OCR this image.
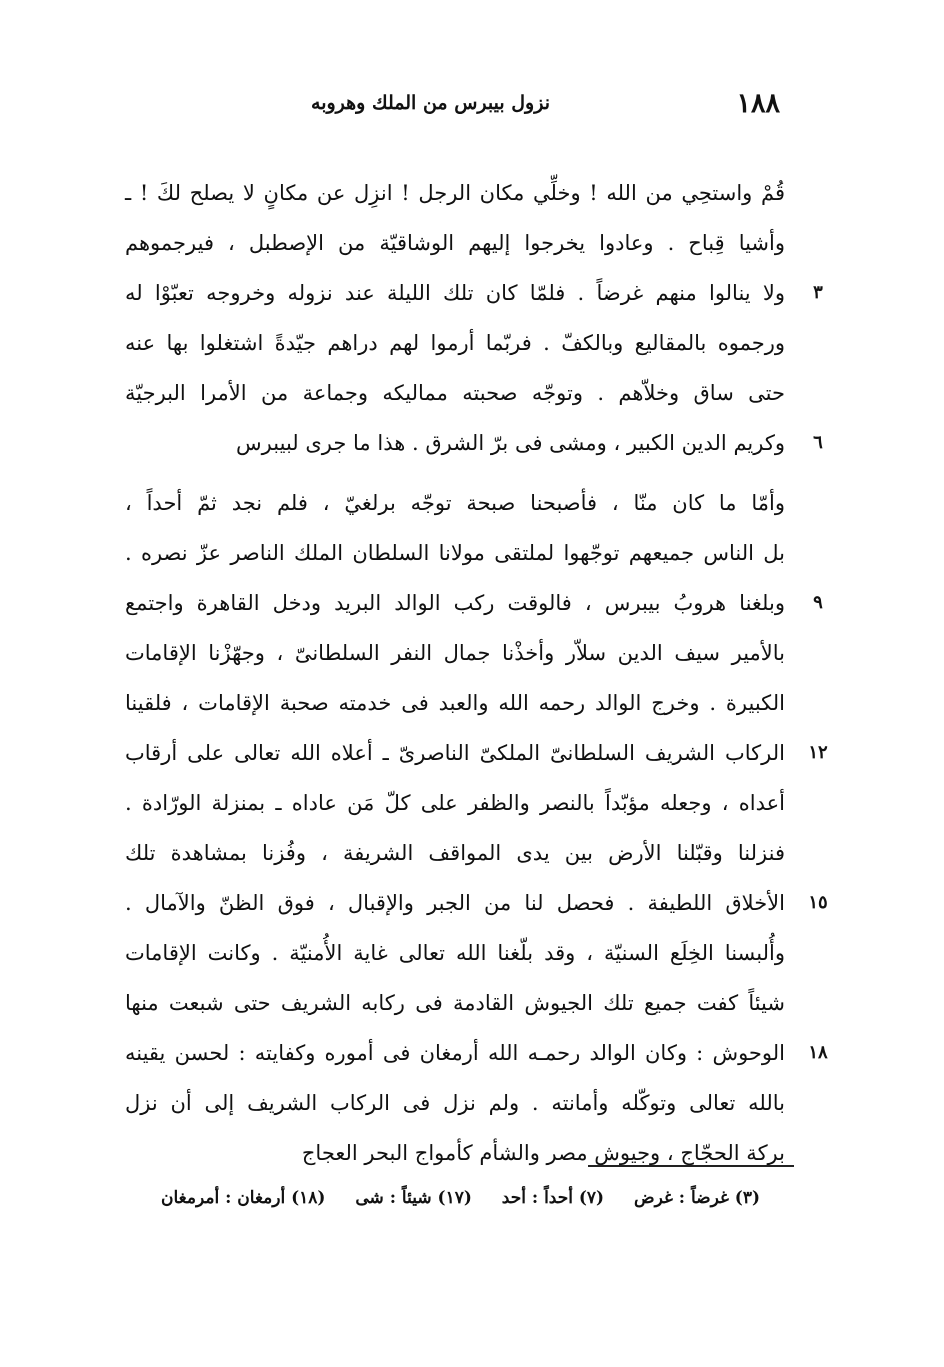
١٨٨
نزول بيبرس من الملك وهروبه
قُمْ واستحِي من الله ! وخلِّي مكان الرجل ! انزِل عن مكانٍ لا يصلح لكَ ! ـ
وأشيا قِباح . وعادوا يخرجوا إليهم الوشاقيّة من الإصطبل ، فيرجموهم
٣
ولا ينالوا منهم غرضاً . فلمّا كان تلك الليلة عند نزوله وخروجه تعبّوْا له
ورجموه بالمقاليع وبالكفّ . فربّما أرموا لهم دراهم جيّدةً اشتغلوا بها عنه
حتى ساق وخلاّهم . وتوجّه صحبته مماليكه وجماعة من الأمرا البرجيّة
٦
وكريم الدين الكبير ، ومشى فى برّ الشرق . هذا ما جرى لبيبرس
وأمّا ما كان منّا ، فأصبحنا صبحة توجّه برلغيّ ، فلم نجد ثمّ أحداً ،
بل الناس جميعهم توجّهوا لملتقى مولانا السلطان الملك الناصر عزّ نصره .
٩
وبلغنا هروبُ بيبرس ، فالوقت ركب الوالد البريد ودخل القاهرة واجتمع
بالأمير سيف الدين سلاّر وأخذْنا جمال النفر السلطانىّ ، وجهّزْنا الإقامات
الكبيرة . وخرج الوالد رحمه الله والعبد فى خدمته صحبة الإقامات ، فلقينا
١٢
الركاب الشريف السلطانىّ الملكىّ الناصرىّ ـ أعلاه الله تعالى على أرقاب
أعداه ، وجعله مؤبّداً بالنصر والظفر على كلّ مَن عاداه ـ بمنزلة الورّادة .
فنزلنا وقبّلنا الأرض بين يدى المواقف الشريفة ، وفُزنا بمشاهدة تلك
١٥
الأخلاق اللطيفة . فحصل لنا من الجبر والإقبال ، فوق الظنّ والآمال .
وأُلبسنا الخِلَع السنيّة ، وقد بلّغنا الله تعالى غاية الأُمنيّة . وكانت الإقامات
شيئاً كفت جميع تلك الجيوش القادمة فى ركابه الشريف حتى شبعت منها
١٨
الوحوش : وكان الوالد رحمـه الله أرمغان فى أموره وكفايته : لحسن يقينه
بالله تعالى وتوكّله وأمانته . ولم نزل فى الركاب الشريف إلى أن نزل
بركة الحجّاج ، وجيوش مصر والشأم كأمواج البحر العجاج
(٣) غرضاً : غرض (٧) أحداً : أحد (١٧) شيئاً : شى (١٨) أرمغان : أمرمغان
